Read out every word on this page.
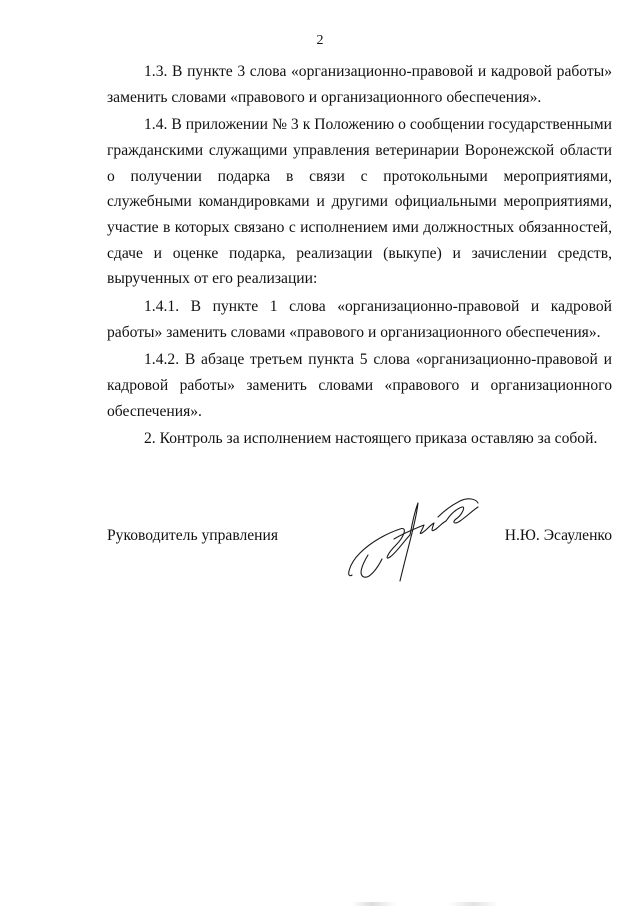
2

1.3. В пункте 3 слова «организационно-правовой и кадровой работы» заменить словами «правового и организационного обеспечения».

1.4. В приложении № 3 к Положению о сообщении государственными гражданскими служащими управления ветеринарии Воронежской области о получении подарка в связи с протокольными мероприятиями, служебными командировками и другими официальными мероприятиями, участие в которых связано с исполнением ими должностных обязанностей, сдаче и оценке подарка, реализации (выкупе) и зачислении средств, вырученных от его реализации:

1.4.1. В пункте 1 слова «организационно-правовой и кадровой работы» заменить словами «правового и организационного обеспечения».

1.4.2. В абзаце третьем пункта 5 слова «организационно-правовой и кадровой работы» заменить словами «правового и организационного обеспечения».

2. Контроль за исполнением настоящего приказа оставляю за собой.

Руководитель управления	Н.Ю. Эсауленко
